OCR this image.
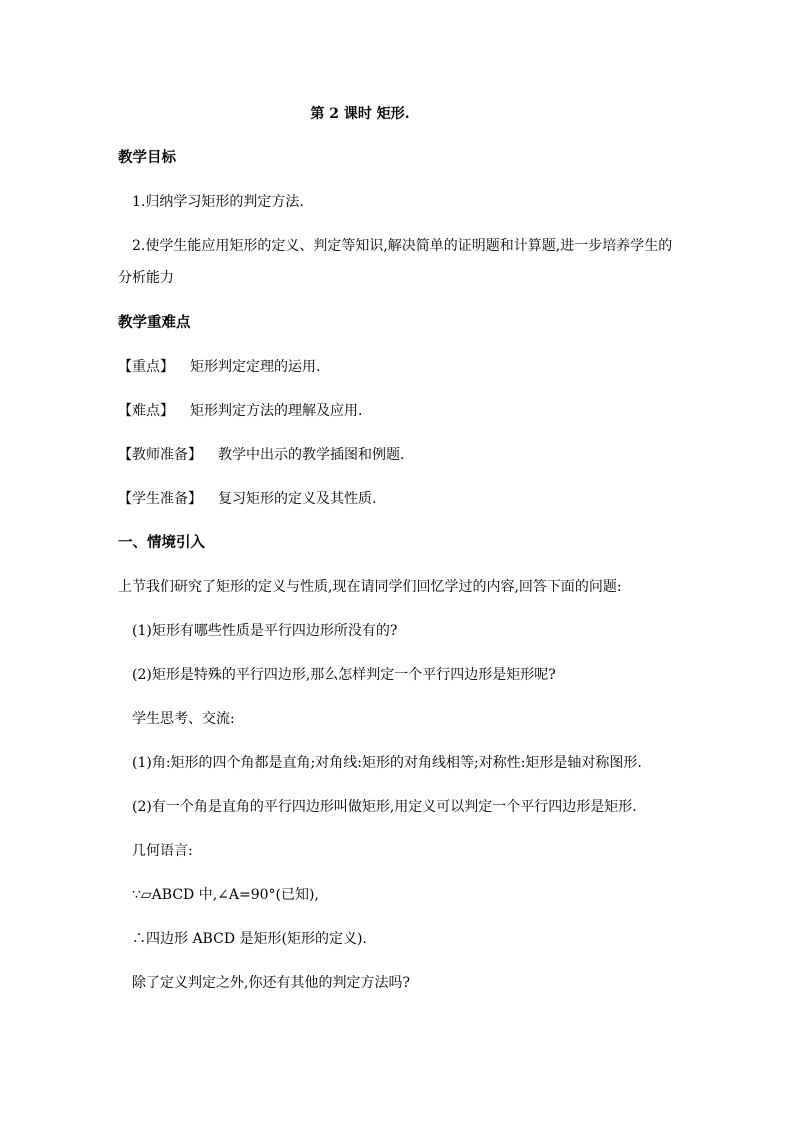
第 2 课时 矩形.
教学目标
1.归纳学习矩形的判定方法.
2.使学生能应用矩形的定义、判定等知识,解决简单的证明题和计算题,进一步培养学生的
分析能力
教学重难点
【重点】 矩形判定定理的运用.
【难点】 矩形判定方法的理解及应用.
【教师准备】 教学中出示的教学插图和例题.
【学生准备】 复习矩形的定义及其性质.
一、情境引入
上节我们研究了矩形的定义与性质,现在请同学们回忆学过的内容,回答下面的问题:
(1)矩形有哪些性质是平行四边形所没有的?
(2)矩形是特殊的平行四边形,那么怎样判定一个平行四边形是矩形呢?
学生思考、交流:
(1)角:矩形的四个角都是直角;对角线:矩形的对角线相等;对称性:矩形是轴对称图形.
(2)有一个角是直角的平行四边形叫做矩形,用定义可以判定一个平行四边形是矩形.
几何语言:
∵▱ABCD 中,∠A=90°(已知),
∴四边形 ABCD 是矩形(矩形的定义).
除了定义判定之外,你还有其他的判定方法吗?
